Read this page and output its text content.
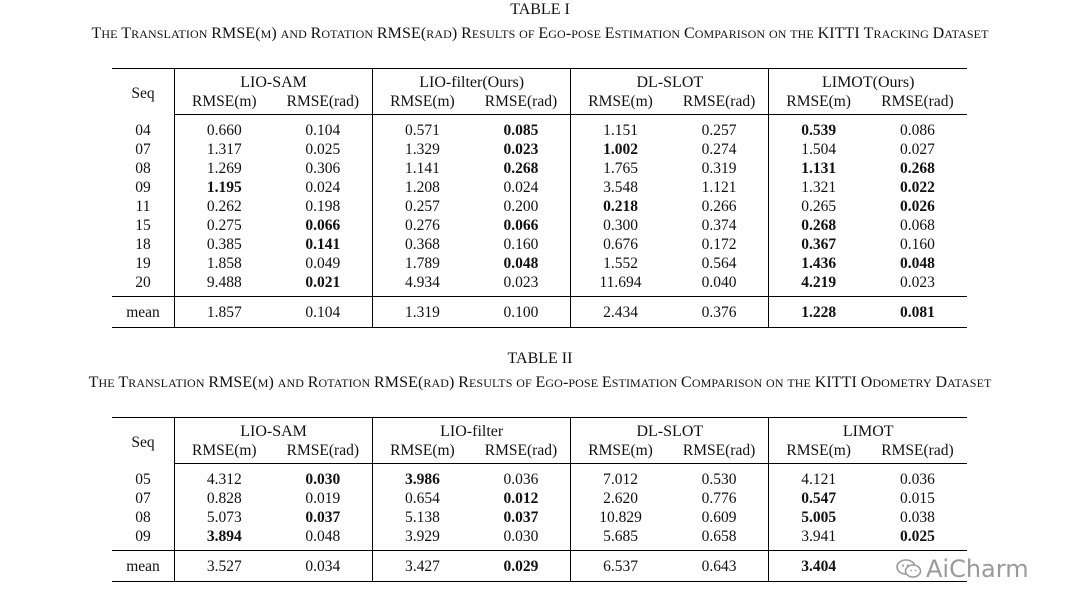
TABLE I
THE TRANSLATION RMSE(M) AND ROTATION RMSE(RAD) RESULTS OF EGO-POSE ESTIMATION COMPARISON ON THE KITTI TRACKING DATASET
Seq	LIO-SAM		LIO-filter(Ours)		DL-SLOT		LIMOT(Ours)	
	RMSE(m)	RMSE(rad)	RMSE(m)	RMSE(rad)	RMSE(m)	RMSE(rad)	RMSE(m)	RMSE(rad)
04	0.660	0.104	0.571	0.085	1.151	0.257	0.539	0.086
07	1.317	0.025	1.329	0.023	1.002	0.274	1.504	0.027
08	1.269	0.306	1.141	0.268	1.765	0.319	1.131	0.268
09	1.195	0.024	1.208	0.024	3.548	1.121	1.321	0.022
11	0.262	0.198	0.257	0.200	0.218	0.266	0.265	0.026
15	0.275	0.066	0.276	0.066	0.300	0.374	0.268	0.068
18	0.385	0.141	0.368	0.160	0.676	0.172	0.367	0.160
19	1.858	0.049	1.789	0.048	1.552	0.564	1.436	0.048
20	9.488	0.021	4.934	0.023	11.694	0.040	4.219	0.023
mean	1.857	0.104	1.319	0.100	2.434	0.376	1.228	0.081
TABLE II
THE TRANSLATION RMSE(M) AND ROTATION RMSE(RAD) RESULTS OF EGO-POSE ESTIMATION COMPARISON ON THE KITTI ODOMETRY DATASET
Seq	LIO-SAM		LIO-filter		DL-SLOT		LIMOT	
	RMSE(m)	RMSE(rad)	RMSE(m)	RMSE(rad)	RMSE(m)	RMSE(rad)	RMSE(m)	RMSE(rad)
05	4.312	0.030	3.986	0.036	7.012	0.530	4.121	0.036
07	0.828	0.019	0.654	0.012	2.620	0.776	0.547	0.015
08	5.073	0.037	5.138	0.037	10.829	0.609	5.005	0.038
09	3.894	0.048	3.929	0.030	5.685	0.658	3.941	0.025
mean	3.527	0.034	3.427	0.029	6.537	0.643	3.404		AiCharm
